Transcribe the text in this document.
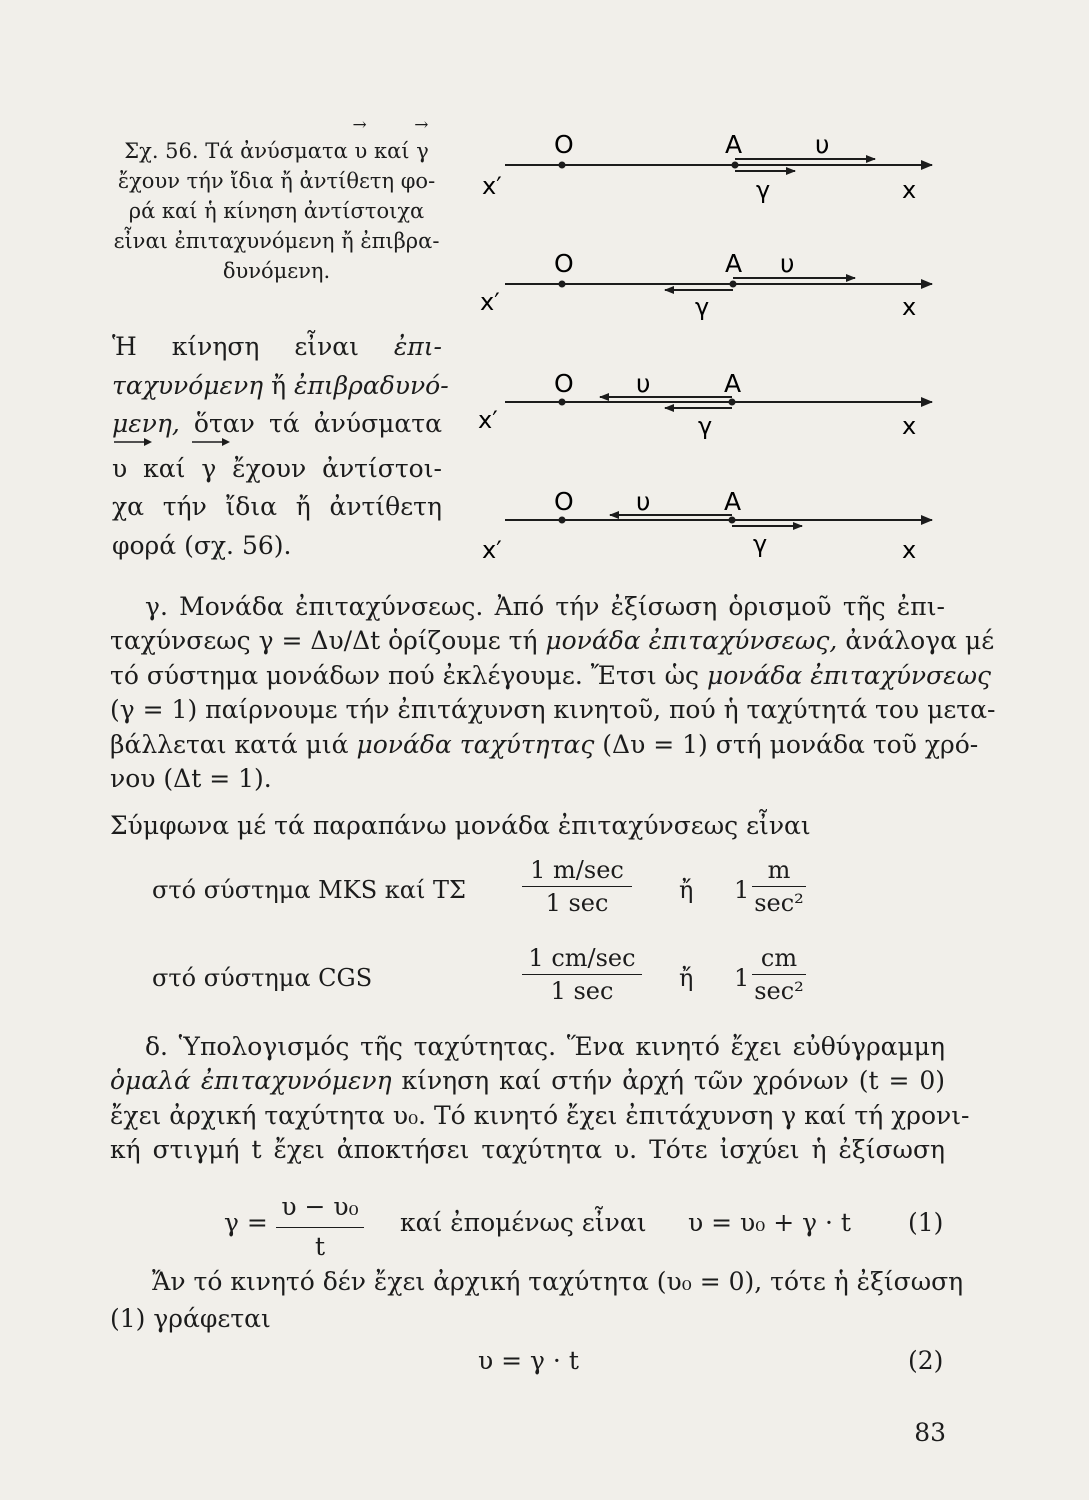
Σχ. 56. Τά ἀνύσματα → υ καί → γ
ἔχουν τήν ἴδια ἤ ἀντίθετη φο-
ρά καί ἡ κίνηση ἀντίστοιχα
εἶναι ἐπιταχυνόμενη ἤ ἐπιβρα-
δυνόμενη.
Ἡ κίνηση εἶναι ἐπι-
ταχυνόμενη ἤ ἐπιβραδυνό-
μενη, ὅταν τά ἀνύσματα
υ καί γ ἔχουν ἀντίστοι-
χα τήν ἴδια ἤ ἀντίθετη
φορά (σχ. 56).
O	A	υ
x′	γ	x
O	A υ
x′	γ	x
O	A
υ
x′	γ	x
O	A
υ
x′	γ	x
γ. Μονάδα ἐπιταχύνσεως. Ἀπό τήν ἐξίσωση ὁρισμοῦ τῆς ἐπι-
ταχύνσεως γ = Δυ/Δt ὁρίζουμε τή μονάδα ἐπιταχύνσεως, ἀνάλογα μέ
τό σύστημα μονάδων πού ἐκλέγουμε. Ἔτσι ὡς μονάδα ἐπιταχύνσεως
(γ = 1) παίρνουμε τήν ἐπιτάχυνση κινητοῦ, πού ἡ ταχύτητά του μετα-
βάλλεται κατά μιά μονάδα ταχύτητας (Δυ = 1) στή μονάδα τοῦ χρό-
νου (Δt = 1).
Σύμφωνα μέ τά παραπάνω μονάδα ἐπιταχύνσεως εἶναι
στό σύστημα MKS καί ΤΣ
1 m/sec
1 sec	ἤ 1
m
sec²
στό σύστημα CGS
1 cm/sec
1 sec	ἤ 1
cm
sec²
δ. Ὑπολογισμός τῆς ταχύτητας. Ἕνα κινητό ἔχει εὐθύγραμμη
ὁμαλά ἐπιταχυνόμενη κίνηση καί στήν ἀρχή τῶν χρόνων (t = 0)
ἔχει ἀρχική ταχύτητα υ₀. Τό κινητό ἔχει ἐπιτάχυνση γ καί τή χρονι-
κή στιγμή t ἔχει ἀποκτήσει ταχύτητα υ. Τότε ἰσχύει ἡ ἐξίσωση
$\gamma = \frac{\text{υ − υ₀}}{t}$ καί ἐπομένως εἶναι υ = υ₀ + γ · t (1)
Ἄν τό κινητό δέν ἔχει ἀρχική ταχύτητα (υ₀ = 0), τότε ἡ ἐξίσωση
(1) γράφεται
υ = γ · t	(2)
83
